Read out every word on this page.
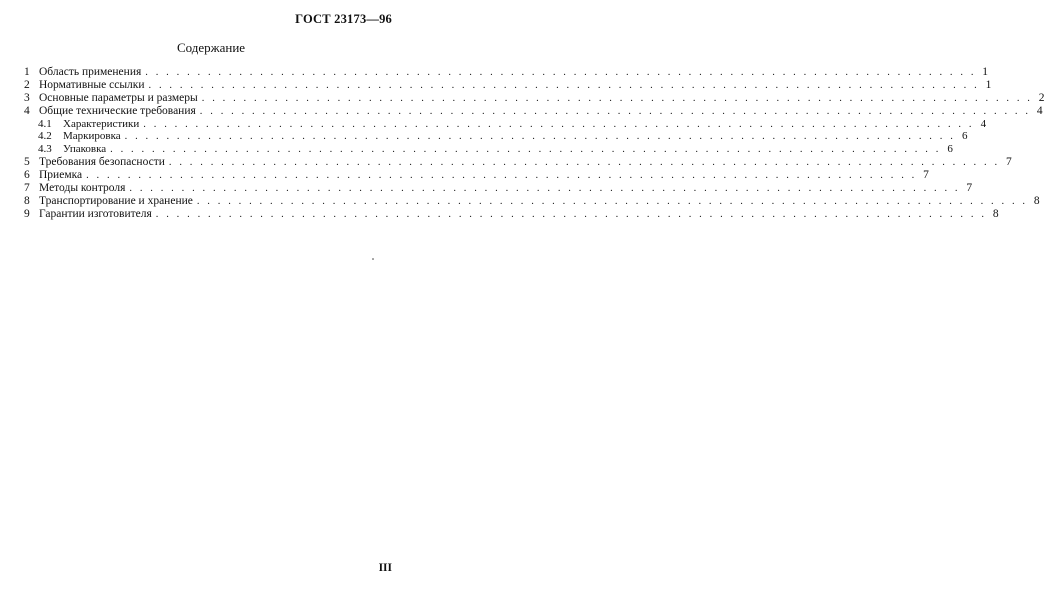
ГОСТ 23173—96
Содержание
1 Область применения . . . . . . . . . . . . . . . . . . . . . . . . . . . . . . . . . . . . . . . . . . . . . . . . . . . . . . . . . . . . . . . . . . . . . . . . . . . . . . . . 1
2 Нормативные ссылки . . . . . . . . . . . . . . . . . . . . . . . . . . . . . . . . . . . . . . . . . . . . . . . . . . . . . . . . . . . . . . . . . . . . . . . . . . . . . . . . 1
3 Основные параметры и размеры . . . . . . . . . . . . . . . . . . . . . . . . . . . . . . . . . . . . . . . . . . . . . . . . . . . . . . . . . . . . . . . . . . . . . . . . . . . . . . . . 2
4 Общие технические требования . . . . . . . . . . . . . . . . . . . . . . . . . . . . . . . . . . . . . . . . . . . . . . . . . . . . . . . . . . . . . . . . . . . . . . . . . . . . . . . . 4
4.1	Характеристики . . . . . . . . . . . . . . . . . . . . . . . . . . . . . . . . . . . . . . . . . . . . . . . . . . . . . . . . . . . . . . . . . . . . . . . . . . . . . . . . 4
4.2	Маркировка . . . . . . . . . . . . . . . . . . . . . . . . . . . . . . . . . . . . . . . . . . . . . . . . . . . . . . . . . . . . . . . . . . . . . . . . . . . . . . . . 6
4.3	Упаковка . . . . . . . . . . . . . . . . . . . . . . . . . . . . . . . . . . . . . . . . . . . . . . . . . . . . . . . . . . . . . . . . . . . . . . . . . . . . . . . . 6
5 Требования безопасности . . . . . . . . . . . . . . . . . . . . . . . . . . . . . . . . . . . . . . . . . . . . . . . . . . . . . . . . . . . . . . . . . . . . . . . . . . . . . . . . 7
6 Приемка . . . . . . . . . . . . . . . . . . . . . . . . . . . . . . . . . . . . . . . . . . . . . . . . . . . . . . . . . . . . . . . . . . . . . . . . . . . . . . . . 7
7 Методы контроля . . . . . . . . . . . . . . . . . . . . . . . . . . . . . . . . . . . . . . . . . . . . . . . . . . . . . . . . . . . . . . . . . . . . . . . . . . . . . . . . 7
8 Транспортирование и хранение . . . . . . . . . . . . . . . . . . . . . . . . . . . . . . . . . . . . . . . . . . . . . . . . . . . . . . . . . . . . . . . . . . . . . . . . . . . . . . . . 8
9 Гарантии изготовителя . . . . . . . . . . . . . . . . . . . . . . . . . . . . . . . . . . . . . . . . . . . . . . . . . . . . . . . . . . . . . . . . . . . . . . . . . . . . . . . . 8
III
